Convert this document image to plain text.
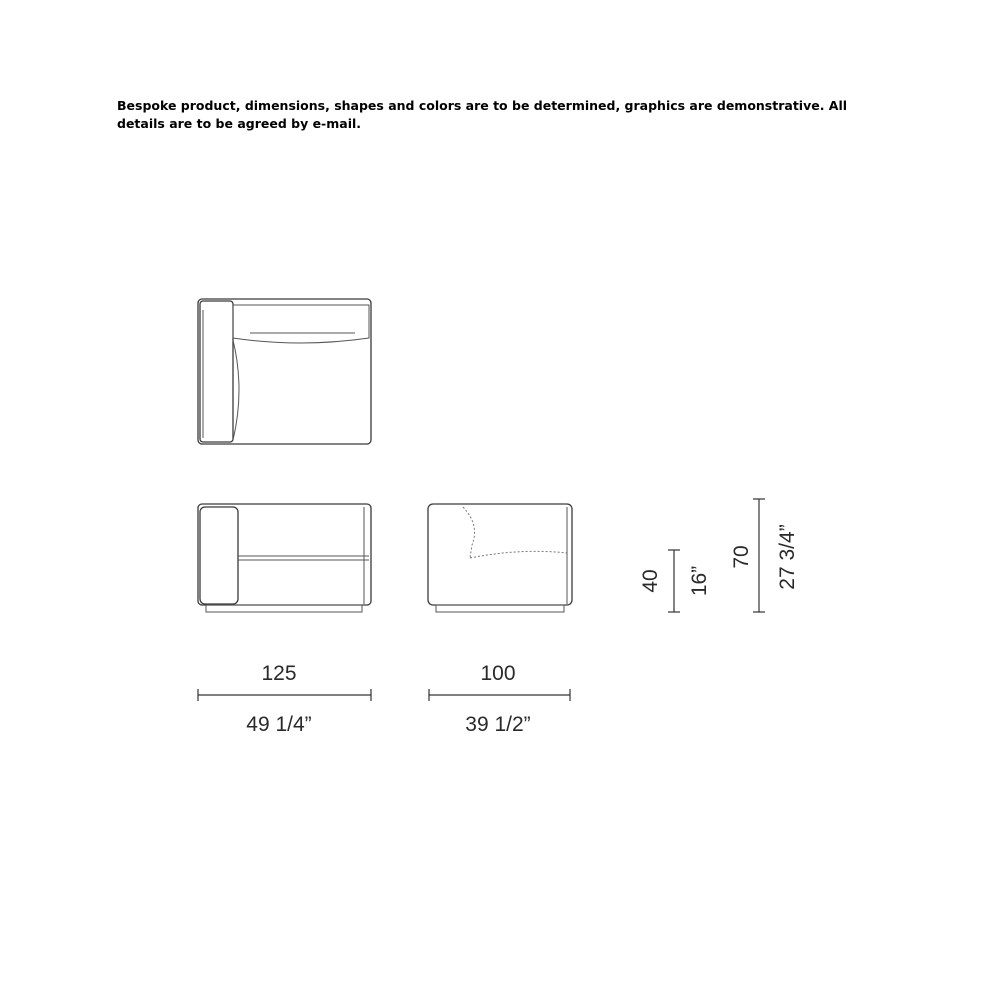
Bespoke product, dimensions, shapes and colors are to be determined, graphics are demonstrative. All details are to be agreed by e-mail.
125
49 1/4”
100
39 1/2”
40 16”
70 27 3/4”
